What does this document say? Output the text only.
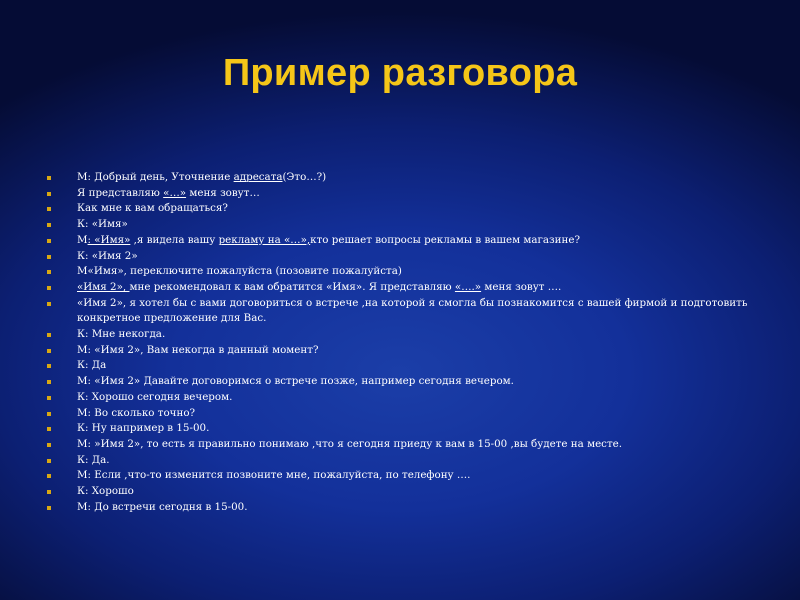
Пример разговора
М: Добрый день, Уточнение адресата(Это…?)
Я представляю «…» меня зовут…
Как мне к вам обращаться?
К: «Имя»
М: «Имя» ,я видела вашу рекламу на «…»,кто решает вопросы рекламы в вашем магазине?
К: «Имя 2»
М«Имя», переключите пожалуйста (позовите пожалуйста)
«Имя 2», мне рекомендовал к вам обратится «Имя». Я представляю «….» меня зовут ….
«Имя 2», я хотел бы с вами договориться о встрече ,на которой я смогла бы познакомится с вашей фирмой и подготовить конкретное предложение для Вас.
К: Мне некогда.
М: «Имя 2», Вам некогда в данный момент?
К: Да
М: «Имя 2» Давайте договоримся о встрече позже, например сегодня вечером.
К: Хорошо сегодня вечером.
М: Во сколько точно?
К: Ну например в 15-00.
М: »Имя 2», то есть я правильно понимаю ,что я сегодня приеду к вам в 15-00 ,вы будете на месте.
К: Да.
М: Если ,что-то изменится позвоните мне, пожалуйста, по телефону ….
К: Хорошо
М: До встречи сегодня в 15-00.
